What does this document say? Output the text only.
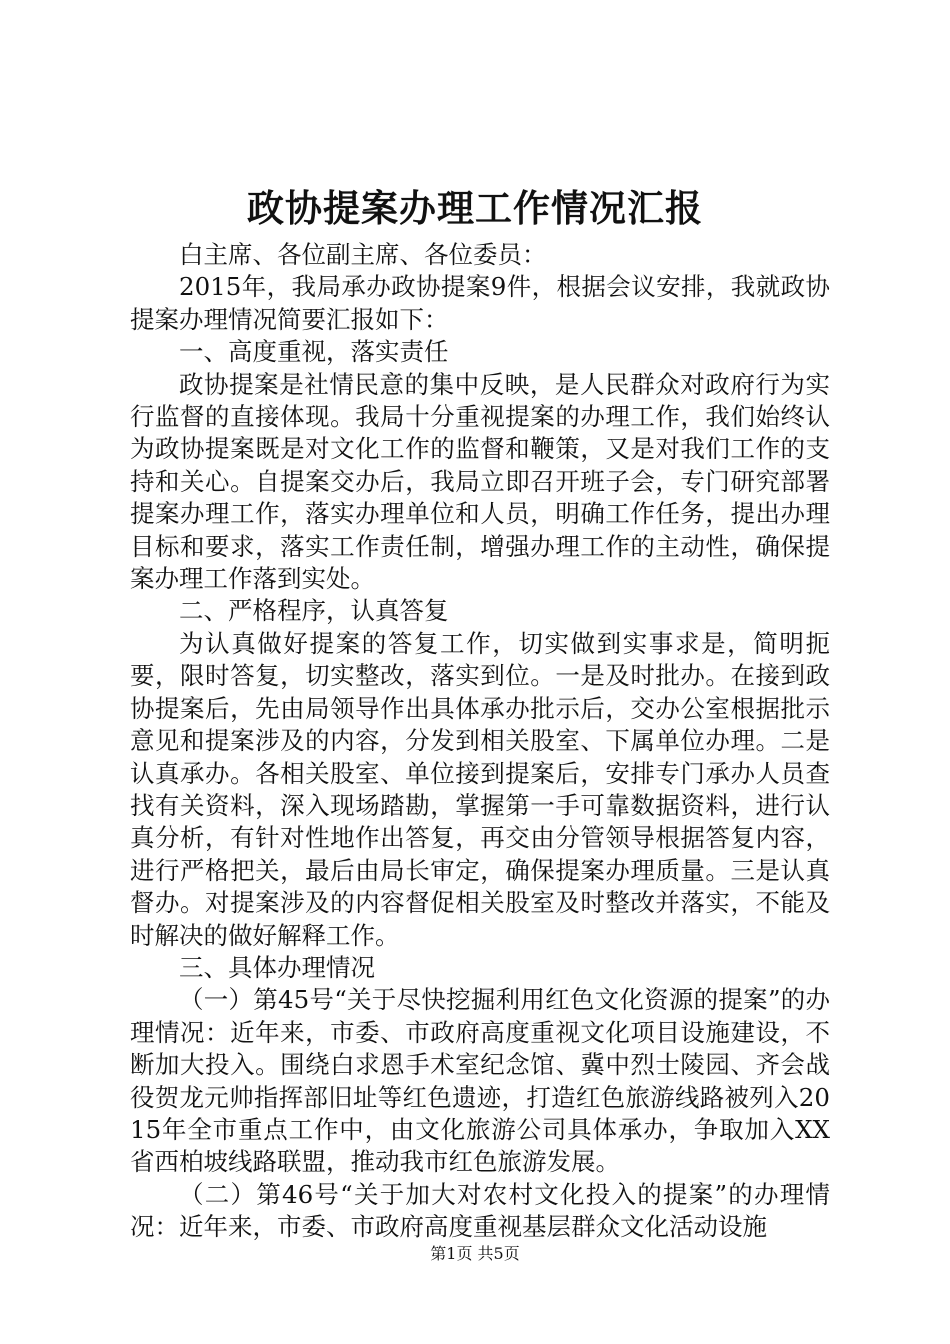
政协提案办理工作情况汇报

白主席、各位副主席、各位委员：

2015年，我局承办政协提案9件，根据会议安排，我就政协提案办理情况简要汇报如下：

一、高度重视，落实责任

政协提案是社情民意的集中反映，是人民群众对政府行为实行监督的直接体现。我局十分重视提案的办理工作，我们始终认为政协提案既是对文化工作的监督和鞭策，又是对我们工作的支持和关心。自提案交办后，我局立即召开班子会，专门研究部署提案办理工作，落实办理单位和人员，明确工作任务，提出办理目标和要求，落实工作责任制，增强办理工作的主动性，确保提案办理工作落到实处。

二、严格程序，认真答复

为认真做好提案的答复工作，切实做到实事求是，简明扼要，限时答复，切实整改，落实到位。一是及时批办。在接到政协提案后，先由局领导作出具体承办批示后，交办公室根据批示意见和提案涉及的内容，分发到相关股室、下属单位办理。二是认真承办。各相关股室、单位接到提案后，安排专门承办人员查找有关资料，深入现场踏勘，掌握第一手可靠数据资料，进行认真分析，有针对性地作出答复，再交由分管领导根据答复内容，进行严格把关，最后由局长审定，确保提案办理质量。三是认真督办。对提案涉及的内容督促相关股室及时整改并落实，不能及时解决的做好解释工作。

三、具体办理情况

（一）第45号“关于尽快挖掘利用红色文化资源的提案”的办理情况：近年来，市委、市政府高度重视文化项目设施建设，不断加大投入。围绕白求恩手术室纪念馆、冀中烈士陵园、齐会战役贺龙元帅指挥部旧址等红色遗迹，打造红色旅游线路被列入2015年全市重点工作中，由文化旅游公司具体承办，争取加入XX省西柏坡线路联盟，推动我市红色旅游发展。

（二）第46号“关于加大对农村文化投入的提案”的办理情况：近年来，市委、市政府高度重视基层群众文化活动设施

第1页 共5页
